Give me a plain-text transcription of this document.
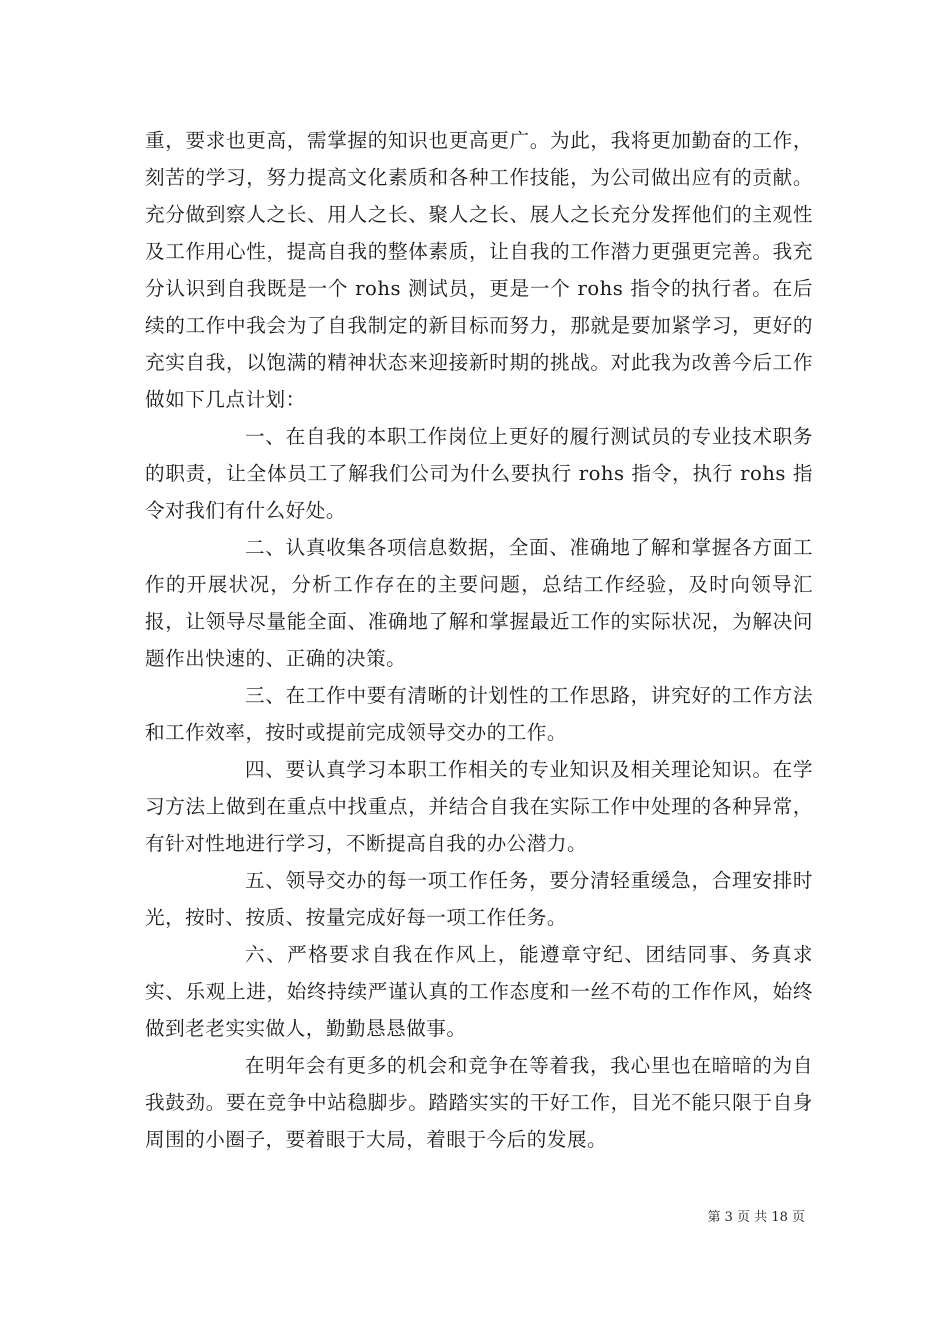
重，要求也更高，需掌握的知识也更高更广。为此，我将更加勤奋的工作，刻苦的学习，努力提高文化素质和各种工作技能，为公司做出应有的贡献。充分做到察人之长、用人之长、聚人之长、展人之长充分发挥他们的主观性及工作用心性，提高自我的整体素质，让自我的工作潜力更强更完善。我充分认识到自我既是一个 rohs 测试员，更是一个 rohs 指令的执行者。在后续的工作中我会为了自我制定的新目标而努力，那就是要加紧学习，更好的充实自我，以饱满的精神状态来迎接新时期的挑战。对此我为改善今后工作做如下几点计划：

一、在自我的本职工作岗位上更好的履行测试员的专业技术职务的职责，让全体员工了解我们公司为什么要执行 rohs 指令，执行 rohs 指令对我们有什么好处。

二、认真收集各项信息数据，全面、准确地了解和掌握各方面工作的开展状况，分析工作存在的主要问题，总结工作经验，及时向领导汇报，让领导尽量能全面、准确地了解和掌握最近工作的实际状况，为解决问题作出快速的、正确的决策。

三、在工作中要有清晰的计划性的工作思路，讲究好的工作方法和工作效率，按时或提前完成领导交办的工作。

四、要认真学习本职工作相关的专业知识及相关理论知识。在学习方法上做到在重点中找重点，并结合自我在实际工作中处理的各种异常，有针对性地进行学习，不断提高自我的办公潜力。

五、领导交办的每一项工作任务，要分清轻重缓急，合理安排时光，按时、按质、按量完成好每一项工作任务。

六、严格要求自我在作风上，能遵章守纪、团结同事、务真求实、乐观上进，始终持续严谨认真的工作态度和一丝不苟的工作作风，始终做到老老实实做人，勤勤恳恳做事。

在明年会有更多的机会和竞争在等着我，我心里也在暗暗的为自我鼓劲。要在竞争中站稳脚步。踏踏实实的干好工作，目光不能只限于自身周围的小圈子，要着眼于大局，着眼于今后的发展。

第 3 页 共 18 页
